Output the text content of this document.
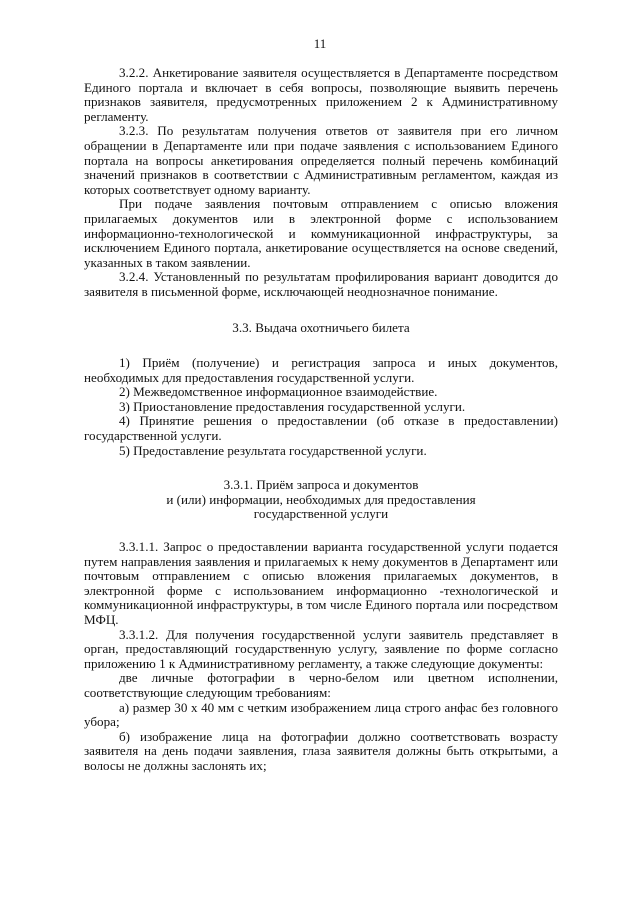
11

3.2.2. Анкетирование заявителя осуществляется в Департаменте посредством Единого портала и включает в себя вопросы, позволяющие выявить перечень признаков заявителя, предусмотренных приложением 2 к Административному регламенту.

3.2.3. По результатам получения ответов от заявителя при его личном обращении в Департаменте или при подаче заявления с использованием Единого портала на вопросы анкетирования определяется полный перечень комбинаций значений признаков в соответствии с Административным регламентом, каждая из которых соответствует одному варианту.

При подаче заявления почтовым отправлением с описью вложения прилагаемых документов или в электронной форме с использованием информационно-технологической и коммуникационной инфраструктуры, за исключением Единого портала, анкетирование осуществляется на основе сведений, указанных в таком заявлении.

3.2.4. Установленный по результатам профилирования вариант доводится до заявителя в письменной форме, исключающей неоднозначное понимание.

3.3. Выдача охотничьего билета

1) Приём (получение) и регистрация запроса и иных документов, необходимых для предоставления государственной услуги.

2) Межведомственное информационное взаимодействие.

3) Приостановление предоставления государственной услуги.

4) Принятие решения о предоставлении (об отказе в предоставлении) государственной услуги.

5) Предоставление результата государственной услуги.

3.3.1. Приём запроса и документов
и (или) информации, необходимых для предоставления
государственной услуги

3.3.1.1. Запрос о предоставлении варианта государственной услуги подается путем направления заявления и прилагаемых к нему документов в Департамент или почтовым отправлением с описью вложения прилагаемых документов, в электронной форме с использованием информационно -технологической и коммуникационной инфраструктуры, в том числе Единого портала или посредством МФЦ.

3.3.1.2. Для получения государственной услуги заявитель представляет в орган, предоставляющий государственную услугу, заявление по форме согласно приложению 1 к Административному регламенту, а также следующие документы:

две личные фотографии в черно-белом или цветном исполнении, соответствующие следующим требованиям:

а) размер 30 x 40 мм с четким изображением лица строго анфас без головного убора;

б) изображение лица на фотографии должно соответствовать возрасту заявителя на день подачи заявления, глаза заявителя должны быть открытыми, а волосы не должны заслонять их;
